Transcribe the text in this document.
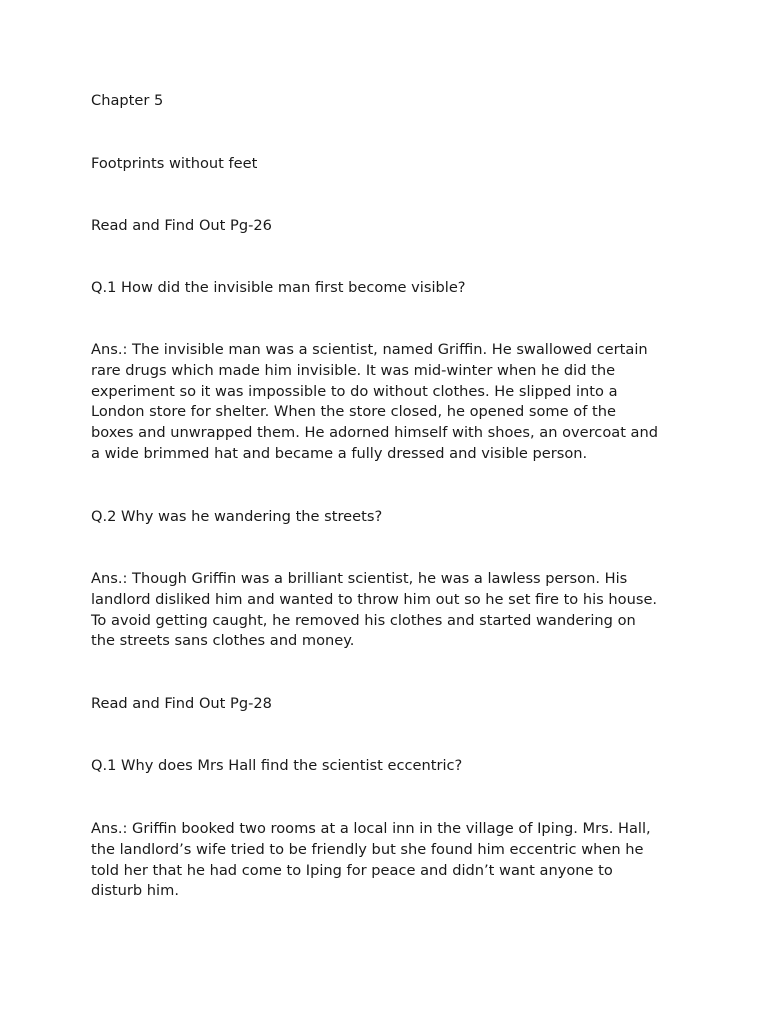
Chapter 5

Footprints without feet

Read and Find Out Pg-26

Q.1 How did the invisible man first become visible?

Ans.: The invisible man was a scientist, named Griffin. He swallowed certain
rare drugs which made him invisible. It was mid-winter when he did the
experiment so it was impossible to do without clothes. He slipped into a
London store for shelter. When the store closed, he opened some of the
boxes and unwrapped them. He adorned himself with shoes, an overcoat and
a wide brimmed hat and became a fully dressed and visible person.

Q.2 Why was he wandering the streets?

Ans.: Though Griffin was a brilliant scientist, he was a lawless person. His
landlord disliked him and wanted to throw him out so he set fire to his house.
To avoid getting caught, he removed his clothes and started wandering on
the streets sans clothes and money.

Read and Find Out Pg-28

Q.1 Why does Mrs Hall find the scientist eccentric?

Ans.: Griffin booked two rooms at a local inn in the village of Iping. Mrs. Hall,
the landlord’s wife tried to be friendly but she found him eccentric when he
told her that he had come to Iping for peace and didn’t want anyone to
disturb him.
